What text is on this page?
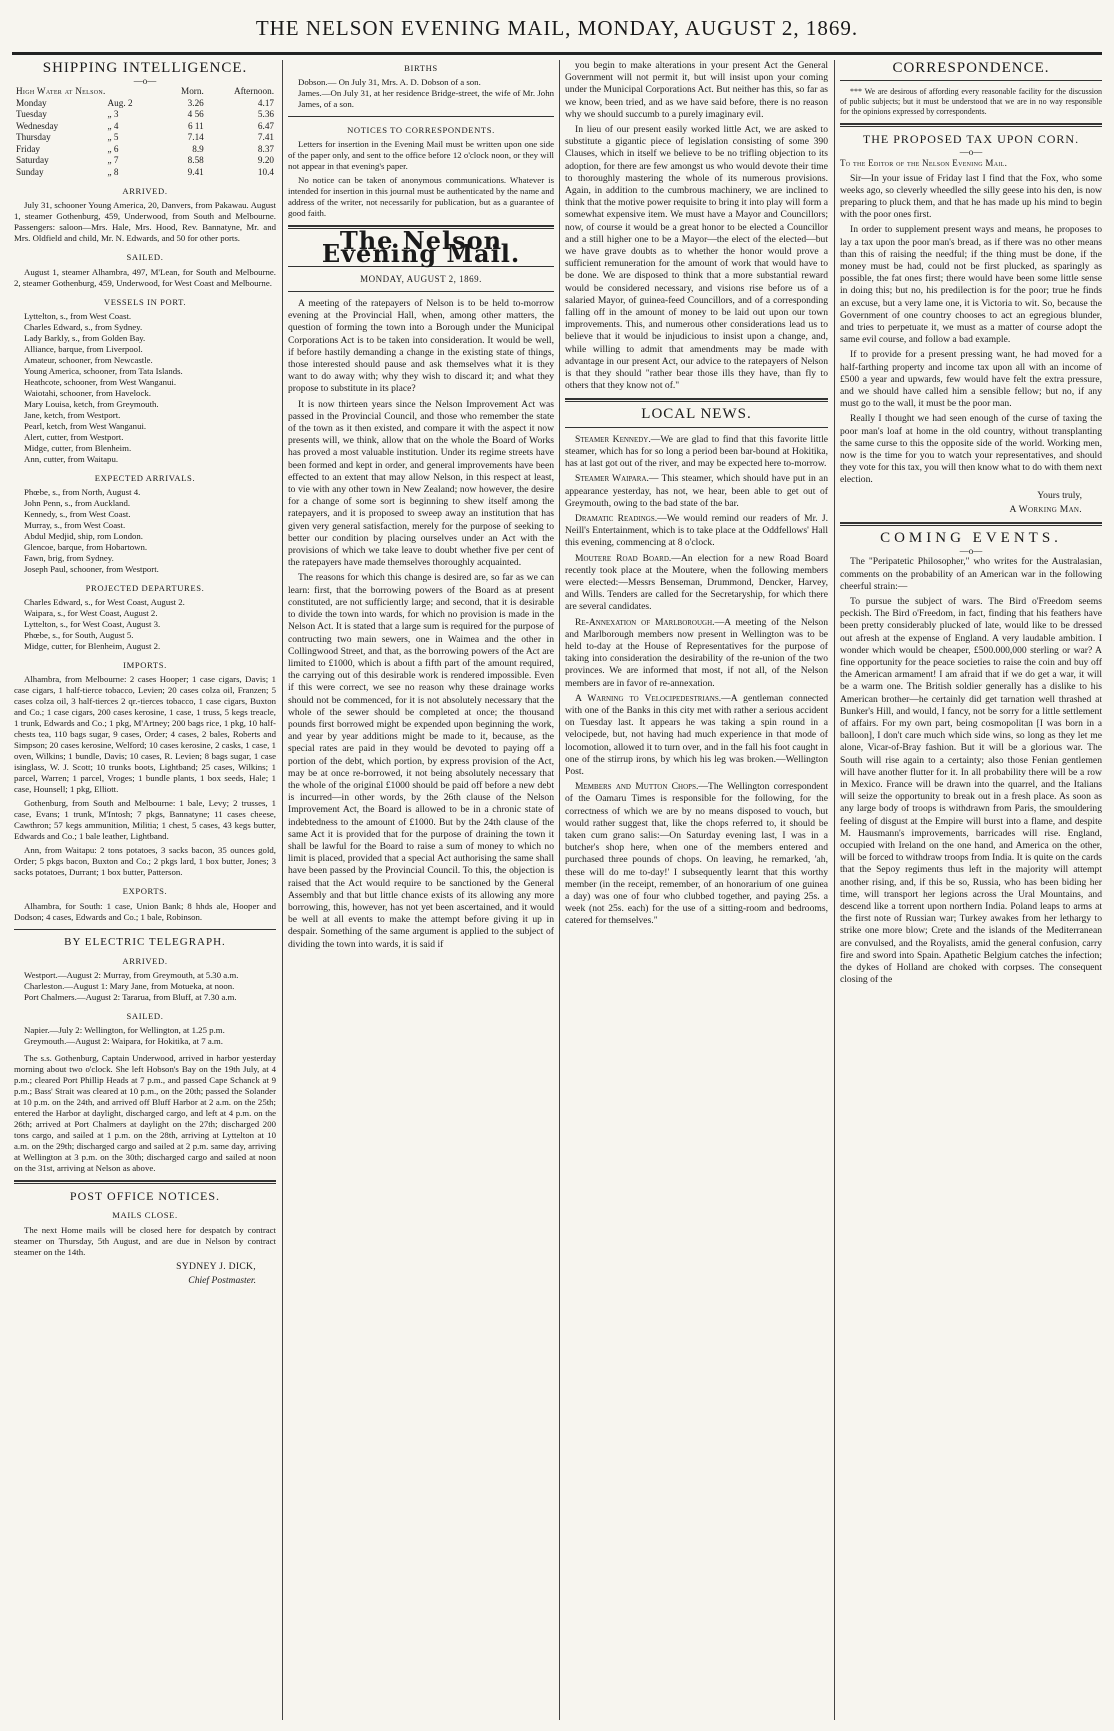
THE NELSON EVENING MAIL, MONDAY, AUGUST 2, 1869.
SHIPPING INTELLIGENCE.
—o—
High Water at Nelson.		Morn.	Afternoon.
Monday	Aug. 2	3.26	4.17
Tuesday	„ 3	4 56	5.36
Wednesday	„ 4	6 11	6.47
Thursday	„ 5	7.14	7.41
Friday	„ 6	8.9	8.37
Saturday	„ 7	8.58	9.20
Sunday	„ 8	9.41	10.4
ARRIVED.

July 31, schooner Young America, 20, Danvers, from Pakawau. August 1, steamer Gothenburg, 459, Underwood, from South and Melbourne. Passengers: saloon—Mrs. Hale, Mrs. Hood, Rev. Bannatyne, Mr. and Mrs. Oldfield and child, Mr. N. Edwards, and 50 for other ports.

SAILED.

August 1, steamer Alhambra, 497, M'Lean, for South and Melbourne. 2, steamer Gothenburg, 459, Underwood, for West Coast and Melbourne.

VESSELS IN PORT.

Lyttelton, s., from West Coast.

Charles Edward, s., from Sydney.

Lady Barkly, s., from Golden Bay.

Alliance, barque, from Liverpool.

Amateur, schooner, from Newcastle.

Young America, schooner, from Tata Islands.

Heathcote, schooner, from West Wanganui.

Waiotahi, schooner, from Havelock.

Mary Louisa, ketch, from Greymouth.

Jane, ketch, from Westport.

Pearl, ketch, from West Wanganui.

Alert, cutter, from Westport.

Midge, cutter, from Blenheim.

Ann, cutter, from Waitapu.

EXPECTED ARRIVALS.

Phœbe, s., from North, August 4.

John Penn, s., from Auckland.

Kennedy, s., from West Coast.

Murray, s., from West Coast.

Abdul Medjid, ship, rom London.

Glencoe, barque, from Hobartown.

Fawn, brig, from Sydney.

Joseph Paul, schooner, from Westport.

PROJECTED DEPARTURES.

Charles Edward, s., for West Coast, August 2.

Waipara, s., for West Coast, August 2.

Lyttelton, s., for West Coast, August 3.

Phœbe, s., for South, August 5.

Midge, cutter, for Blenheim, August 2.

IMPORTS.

Alhambra, from Melbourne: 2 cases Hooper; 1 case cigars, Davis; 1 case cigars, 1 half-tierce tobacco, Levien; 20 cases colza oil, Franzen; 5 cases colza oil, 3 half-tierces 2 qr.-tierces tobacco, 1 case cigars, Buxton and Co.; 1 case cigars, 200 cases kerosine, 1 case, 1 truss, 5 kegs treacle, 1 trunk, Edwards and Co.; 1 pkg, M'Artney; 200 bags rice, 1 pkg, 10 half-chests tea, 110 bags sugar, 9 cases, Order; 4 cases, 2 bales, Roberts and Simpson; 20 cases kerosine, Welford; 10 cases kerosine, 2 casks, 1 case, 1 oven, Wilkins; 1 bundle, Davis; 10 cases, R. Levien; 8 bags sugar, 1 case isinglass, W. J. Scott; 10 trunks boots, Lightband; 25 cases, Wilkins; 1 parcel, Warren; 1 parcel, Vroges; 1 bundle plants, 1 box seeds, Hale; 1 case, Hounsell; 1 pkg, Elliott.

Gothenburg, from South and Melbourne: 1 bale, Levy; 2 trusses, 1 case, Evans; 1 trunk, M'Intosh; 7 pkgs, Bannatyne; 11 cases cheese, Cawthron; 57 kegs ammunition, Militia; 1 chest, 5 cases, 43 kegs butter, Edwards and Co.; 1 bale leather, Lightband.

Ann, from Waitapu: 2 tons potatoes, 3 sacks bacon, 35 ounces gold, Order; 5 pkgs bacon, Buxton and Co.; 2 pkgs lard, 1 box butter, Jones; 3 sacks potatoes, Durrant; 1 box butter, Patterson.

EXPORTS.

Alhambra, for South: 1 case, Union Bank; 8 hhds ale, Hooper and Dodson; 4 cases, Edwards and Co.; 1 bale, Robinson.

BY ELECTRIC TELEGRAPH.
ARRIVED.

Westport.—August 2: Murray, from Greymouth, at 5.30 a.m.

Charleston.—August 1: Mary Jane, from Motueka, at noon.

Port Chalmers.—August 2: Tararua, from Bluff, at 7.30 a.m.

SAILED.

Napier.—July 2: Wellington, for Wellington, at 1.25 p.m.

Greymouth.—August 2: Waipara, for Hokitika, at 7 a.m.

The s.s. Gothenburg, Captain Underwood, arrived in harbor yesterday morning about two o'clock. She left Hobson's Bay on the 19th July, at 4 p.m.; cleared Port Phillip Heads at 7 p.m., and passed Cape Schanck at 9 p.m.; Bass' Strait was cleared at 10 p.m., on the 20th; passed the Solander at 10 p.m. on the 24th, and arrived off Bluff Harbor at 2 a.m. on the 25th; entered the Harbor at daylight, discharged cargo, and left at 4 p.m. on the 26th; arrived at Port Chalmers at daylight on the 27th; discharged 200 tons cargo, and sailed at 1 p.m. on the 28th, arriving at Lyttelton at 10 a.m. on the 29th; discharged cargo and sailed at 2 p.m. same day, arriving at Wellington at 3 p.m. on the 30th; discharged cargo and sailed at noon on the 31st, arriving at Nelson as above.

POST OFFICE NOTICES.
MAILS CLOSE.

The next Home mails will be closed here for despatch by contract steamer on Thursday, 5th August, and are due in Nelson by contract steamer on the 14th.

SYDNEY J. DICK,
Chief Postmaster.
BIRTHS

Dobson.— On July 31, Mrs. A. D. Dobson of a son.

James.—On July 31, at her residence Bridge-street, the wife of Mr. John James, of a son.

NOTICES TO CORRESPONDENTS.

Letters for insertion in the Evening Mail must be written upon one side of the paper only, and sent to the office before 12 o'clock noon, or they will not appear in that evening's paper.

No notice can be taken of anonymous communications. Whatever is intended for insertion in this journal must be authenticated by the name and address of the writer, not necessarily for publication, but as a guarantee of good faith.

The Nelson Evening Mail.
MONDAY, AUGUST 2, 1869.

A meeting of the ratepayers of Nelson is to be held to-morrow evening at the Provincial Hall, when, among other matters, the question of forming the town into a Borough under the Municipal Corporations Act is to be taken into consideration. It would be well, if before hastily demanding a change in the existing state of things, those interested should pause and ask themselves what it is they want to do away with; why they wish to discard it; and what they propose to substitute in its place?

It is now thirteen years since the Nelson Improvement Act was passed in the Provincial Council, and those who remember the state of the town as it then existed, and compare it with the aspect it now presents will, we think, allow that on the whole the Board of Works has proved a most valuable institution. Under its regime streets have been formed and kept in order, and general improvements have been effected to an extent that may allow Nelson, in this respect at least, to vie with any other town in New Zealand; now however, the desire for a change of some sort is beginning to shew itself among the ratepayers, and it is proposed to sweep away an institution that has given very general satisfaction, merely for the purpose of seeking to better our condition by placing ourselves under an Act with the provisions of which we take leave to doubt whether five per cent of the ratepayers have made themselves thoroughly acquainted.

The reasons for which this change is desired are, so far as we can learn: first, that the borrowing powers of the Board as at present constituted, are not sufficiently large; and second, that it is desirable to divide the town into wards, for which no provision is made in the Nelson Act. It is stated that a large sum is required for the purpose of contructing two main sewers, one in Waimea and the other in Collingwood Street, and that, as the borrowing powers of the Act are limited to £1000, which is about a fifth part of the amount required, the carrying out of this desirable work is rendered impossible. Even if this were correct, we see no reason why these drainage works should not be commenced, for it is not absolutely necessary that the whole of the sewer should be completed at once; the thousand pounds first borrowed might be expended upon beginning the work, and year by year additions might be made to it, because, as the special rates are paid in they would be devoted to paying off a portion of the debt, which portion, by express provision of the Act, may be at once re-borrowed, it not being absolutely necessary that the whole of the original £1000 should be paid off before a new debt is incurred—in other words, by the 26th clause of the Nelson Improvement Act, the Board is allowed to be in a chronic state of indebtedness to the amount of £1000. But by the 24th clause of the same Act it is provided that for the purpose of draining the town it shall be lawful for the Board to raise a sum of money to which no limit is placed, provided that a special Act authorising the same shall have been passed by the Provincial Council. To this, the objection is raised that the Act would require to be sanctioned by the General Assembly and that but little chance exists of its allowing any more borrowing, this, however, has not yet been ascertained, and it would be well at all events to make the attempt before giving it up in despair. Something of the same argument is applied to the subject of dividing the town into wards, it is said if

you begin to make alterations in your present Act the General Government will not permit it, but will insist upon your coming under the Municipal Corporations Act. But neither has this, so far as we know, been tried, and as we have said before, there is no reason why we should succumb to a purely imaginary evil.

In lieu of our present easily worked little Act, we are asked to substitute a gigantic piece of legislation consisting of some 390 Clauses, which in itself we believe to be no trifling objection to its adoption, for there are few amongst us who would devote their time to thoroughly mastering the whole of its numerous provisions. Again, in addition to the cumbrous machinery, we are inclined to think that the motive power requisite to bring it into play will form a somewhat expensive item. We must have a Mayor and Councillors; now, of course it would be a great honor to be elected a Councillor and a still higher one to be a Mayor—the elect of the elected—but we have grave doubts as to whether the honor would prove a sufficient remuneration for the amount of work that would have to be done. We are disposed to think that a more substantial reward would be considered necessary, and visions rise before us of a salaried Mayor, of guinea-feed Councillors, and of a corresponding falling off in the amount of money to be laid out upon our town improvements. This, and numerous other considerations lead us to believe that it would be injudicious to insist upon a change, and, while willing to admit that amendments may be made with advantage in our present Act, our advice to the ratepayers of Nelson is that they should "rather bear those ills they have, than fly to others that they know not of."

LOCAL NEWS.

Steamer Kennedy.—We are glad to find that this favorite little steamer, which has for so long a period been bar-bound at Hokitika, has at last got out of the river, and may be expected here to-morrow.

Steamer Waipara.— This steamer, which should have put in an appearance yesterday, has not, we hear, been able to get out of Greymouth, owing to the bad state of the bar.

Dramatic Readings.—We would remind our readers of Mr. J. Neill's Entertainment, which is to take place at the Oddfellows' Hall this evening, commencing at 8 o'clock.

Moutere Road Board.—An election for a new Road Board recently took place at the Moutere, when the following members were elected:—Messrs Benseman, Drummond, Dencker, Harvey, and Wills. Tenders are called for the Secretaryship, for which there are several candidates.

Re-Annexation of Marlborough.—A meeting of the Nelson and Marlborough members now present in Wellington was to be held to-day at the House of Representatives for the purpose of taking into consideration the desirability of the re-union of the two provinces. We are informed that most, if not all, of the Nelson members are in favor of re-annexation.

A Warning to Velocipedestrians.—A gentleman connected with one of the Banks in this city met with rather a serious accident on Tuesday last. It appears he was taking a spin round in a velocipede, but, not having had much experience in that mode of locomotion, allowed it to turn over, and in the fall his foot caught in one of the stirrup irons, by which his leg was broken.—Wellington Post.

Members and Mutton Chops.—The Wellington correspondent of the Oamaru Times is responsible for the following, for the correctness of which we are by no means disposed to vouch, but would rather suggest that, like the chops referred to, it should be taken cum grano salis:—On Saturday evening last, I was in a butcher's shop here, when one of the members entered and purchased three pounds of chops. On leaving, he remarked, 'ah, these will do me to-day!' I subsequently learnt that this worthy member (in the receipt, remember, of an honorarium of one guinea a day) was one of four who clubbed together, and paying 25s. a week (not 25s. each) for the use of a sitting-room and bedrooms, catered for themselves."

CORRESPONDENCE.

*** We are desirous of affording every reasonable facility for the discussion of public subjects; but it must be understood that we are in no way responsible for the opinions expressed by correspondents.

THE PROPOSED TAX UPON CORN.
—o—

To the Editor of the Nelson Evening Mail.

Sir—In your issue of Friday last I find that the Fox, who some weeks ago, so cleverly wheedled the silly geese into his den, is now preparing to pluck them, and that he has made up his mind to begin with the poor ones first.

In order to supplement present ways and means, he proposes to lay a tax upon the poor man's bread, as if there was no other means than this of raising the needful; if the thing must be done, if the money must be had, could not be first plucked, as sparingly as possible, the fat ones first; there would have been some little sense in doing this; but no, his predilection is for the poor; true he finds an excuse, but a very lame one, it is Victoria to wit. So, because the Government of one country chooses to act an egregious blunder, and tries to perpetuate it, we must as a matter of course adopt the same evil course, and follow a bad example.

If to provide for a present pressing want, he had moved for a half-farthing property and income tax upon all with an income of £500 a year and upwards, few would have felt the extra pressure, and we should have called him a sensible fellow; but no, if any must go to the wall, it must be the poor man.

Really I thought we had seen enough of the curse of taxing the poor man's loaf at home in the old country, without transplanting the same curse to this the opposite side of the world. Working men, now is the time for you to watch your representatives, and should they vote for this tax, you will then know what to do with them next election.

Yours truly,
A Working Man.
COMING EVENTS.
—o—

The "Peripatetic Philosopher," who writes for the Australasian, comments on the probability of an American war in the following cheerful strain:—

To pursue the subject of wars. The Bird o'Freedom seems peckish. The Bird o'Freedom, in fact, finding that his feathers have been pretty considerably plucked of late, would like to be dressed out afresh at the expense of England. A very laudable ambition. I wonder which would be cheaper, £500.000,000 sterling or war? A fine opportunity for the peace societies to raise the coin and buy off the American armament! I am afraid that if we do get a war, it will be a warm one. The British soldier generally has a dislike to his American brother—he certainly did get tarnation well thrashed at Bunker's Hill, and would, I fancy, not be sorry for a little settlement of affairs. For my own part, being cosmopolitan [I was born in a balloon], I don't care much which side wins, so long as they let me alone, Vicar-of-Bray fashion. But it will be a glorious war. The South will rise again to a certainty; also those Fenian gentlemen will have another flutter for it. In all probability there will be a row in Mexico. France will be drawn into the quarrel, and the Italians will seize the opportunity to break out in a fresh place. As soon as any large body of troops is withdrawn from Paris, the smouldering feeling of disgust at the Empire will burst into a flame, and despite M. Hausmann's improvements, barricades will rise. England, occupied with Ireland on the one hand, and America on the other, will be forced to withdraw troops from India. It is quite on the cards that the Sepoy regiments thus left in the majority will attempt another rising, and, if this be so, Russia, who has been biding her time, will transport her legions across the Ural Mountains, and descend like a torrent upon northern India. Poland leaps to arms at the first note of Russian war; Turkey awakes from her lethargy to strike one more blow; Crete and the islands of the Mediterranean are convulsed, and the Royalists, amid the general confusion, carry fire and sword into Spain. Apathetic Belgium catches the infection; the dykes of Holland are choked with corpses. The consequent closing of the
